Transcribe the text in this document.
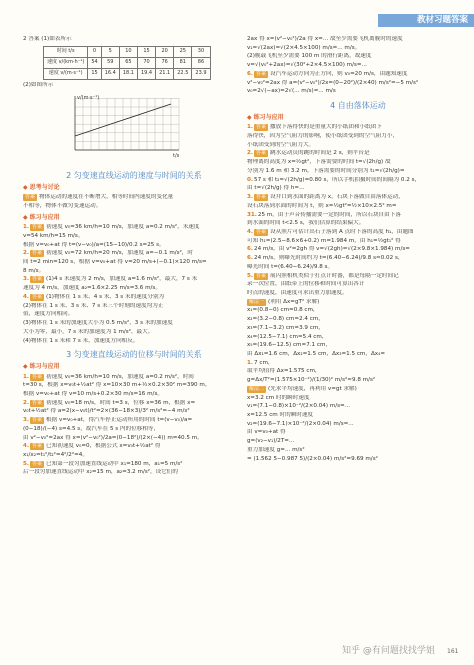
教材习题答案

2 答案 (1)如表所示

时间 t/s	0	5	10	15	20	25	30
速度 v/(km·h⁻¹)	54	59	65	70	76	81	86
速度 v/(m·s⁻¹)	15	16.4	18.1	19.4	21.1	22.5	23.9

(2)如图所示

v/(m·s⁻¹)
t/s
2 匀变速直线运动的速度与时间的关系
◆ 思考与讨论

答案 物体运动的速度在不断增大，相等时间内速度的变化量

不相等，物体不做匀变速运动。

◆ 练习与应用

1. 答案 初速度 v₀=36 km/h=10 m/s，加速度 a=0.2 m/s²，末速度

v=54 km/h=15 m/s。

根据 v=v₀+at 得 t=(v−v₀)/a=(15−10)/0.2 s=25 s。

2. 答案 初速度 v₀=72 km/h=20 m/s，加速度 a=−0.1 m/s²，时

间 t=2 min=120 s，根据 v=v₀+at 得 v=20 m/s+(−0.1)×120 m/s=

8 m/s。

3. 答案 (1)4 s 末速度为 2 m/s，加速度 a=1.6 m/s²，最大，7 s 末

速度为 4 m/s，加速度 a₂=1.6×2.25 m/s=3.6 m/s。

4. 答案 (1)物体在 1 s 末、4 s 末、3 s 末的速度分别为

(2)物体在 1 s 末、3 s 末、7 s 末三个时刻的速度均为正

值，速度方向相同。

(3)物体在 1 s 末的加速度大小为 0.5 m/s²，3 s 末的加速度

大小为零，最小，7 s 末的加速度为 1 m/s²，最大。

(4)物体在 1 s 末和 7 s 末，加速度方向相反。

3 匀变速直线运动的位移与时间的关系
◆ 练习与应用

1. 答案 初速度 v₀=36 km/h=10 m/s，加速度 a=0.2 m/s²，时间

t=30 s，根据 x=v₀t+½at² 得 x=10×30 m+½×0.2×30² m=390 m。

根据 v=v₀+at 得 v=10 m/s+0.2×30 m/s=16 m/s。

2. 答案 初速度 v₀=18 m/s，时间 t=3 s，位移 x=36 m，根据 x=

v₀t+½at² 得 a=2(x−v₀t)/t²=2×(36−18×3)/3² m/s²=−4 m/s²

3. 答案 根据 v=v₀+at，得汽车停止运动所用的时间 t=(v−v₀)/a=

(0−18)/(−4) s=4.5 s，故汽车在 5 s 内的位移相等，

由 v²−v₀²=2ax 得 x=(v²−v₀²)/2a=(0−18²)/(2×(−4)) m=40.5 m。

4. 答案 已知初速度 v₀=0，根据公式 x=v₀t+½at² 得

x₁/x₂=t₁²/t₂²=4²/2²=4。

5. 答案 已知第一段匀加速直线运动中 x₁=180 m，a₁=5 m/s²

后一段匀加速直线运动中 x₂=15 m，a₂=3.2 m/s²，设它们的

2ax 得 x=(v²−v₀²)/2a 得 x=... 故至少需要飞机离舰时的速度

v₁=√(2ax)=√(2×4.5×100) m/s=... m/s。

(2)舰载飞机至少需要 100 m 的滑行距离，故速度

v=√(v₀²+2ax)=√(30²+2×4.5×100) m/s=...

6. 答案 设汽车运动方向为正方向，则 v₀=20 m/s，由题知速度

v²−v₀²=2ax 得 a=(v²−v₀²)/2x=(0−20²)/(2×40) m/s²=−5 m/s²

v₀=2√(−ax)=2√(... m/s)=... m/s

4 自由落体运动
◆ 练习与应用

1. 答案 撒放下落得快的是重量大的小纸团和小纸团下

落得快，因为空气阻力的影响，使小纸团受到的空气阻力小，

小纸团受到的空气阻力大。

2. 答案 跳水运动员的跳的时间是 2 s，则平台是

物理离的高度为 x=½gt²，下落需要的时间 t=√(2h/g) 故

分别为 1.6 m 和 3.2 m，下落需要的时间分别为 t₁=√(2h/g)=

0.57 s 和 t₂=√(2h/g)=0.80 s，所以手机拍摄时间的间隔为 0.2 s，

由 t=√(2h/g) 得 h=...

3. 答案 设井口到水面的距离为 x，石块下落做自由落体运动，

设石块落到水面的时间为 t，则 x=½gt²=½×10×2.5² m=

31.25 m。由于声音传播需要一定的时间，所以石块自由下落

到水面的时间 t<2.5 s，我们估算的结果偏大。

4. 答案 设从照片可估计出石子落到 A 点时下落的高度 h₁，由题图

可知 h₁=(2.5−8.6×6+0.2) m=1.984 m，由 h₁=½gt₁² 得

6.24 m/s，由 v²=2gh 得 v=√(2gh)=√(2×9.8×1.984) m/s=

6.24 m/s，则曝光时间约为 t=(6.40−6.24)/9.8 s≈0.02 s，

曝光时间 t=(6.40−6.24)/9.8 s。

5. 答案 展闪照相机类似于打点计时器，都是每隔一定时间记

录一次位置，由纸带上的位移和时间可算出各计

时点的速度，由速度可求出重力加速度。

解法一 (利用 Δx=gT² 求解)

x₁=(0.8−0) cm=0.8 cm，

x₂=(3.2−0.8) cm=2.4 cm，

x₃=(7.1−3.2) cm=3.9 cm，

x₄=(12.5−7.1) cm=5.4 cm，

x₅=(19.6−12.5) cm=7.1 cm，

由 Δx₁=1.6 cm，Δx₂=1.5 cm，Δx₃=1.5 cm，Δx₄=

1.7 cm，

取平均值得 Δx=1.575 cm，

g=Δx/T²=(1.575×10⁻²)/(1/30)² m/s²≈9.8 m/s²

解法二 (先求平均速度，再利用 v=gt 求解)

x=3.2 cm 时的瞬时速度

v₁=(7.1−0.8)×10⁻²/(2×0.04) m/s=...

x=12.5 cm 时的瞬时速度

v₂=(19.6−7.1)×10⁻²/(2×0.04) m/s=...

由 v=v₀+at 得

g=(v₂−v₁)/2T=...

重力加速度 g=... m/s²

= (1.562 5−0.987 5)/(2×0.04) m/s²=9.69 m/s²

知乎 @有问题找找学姐 161
